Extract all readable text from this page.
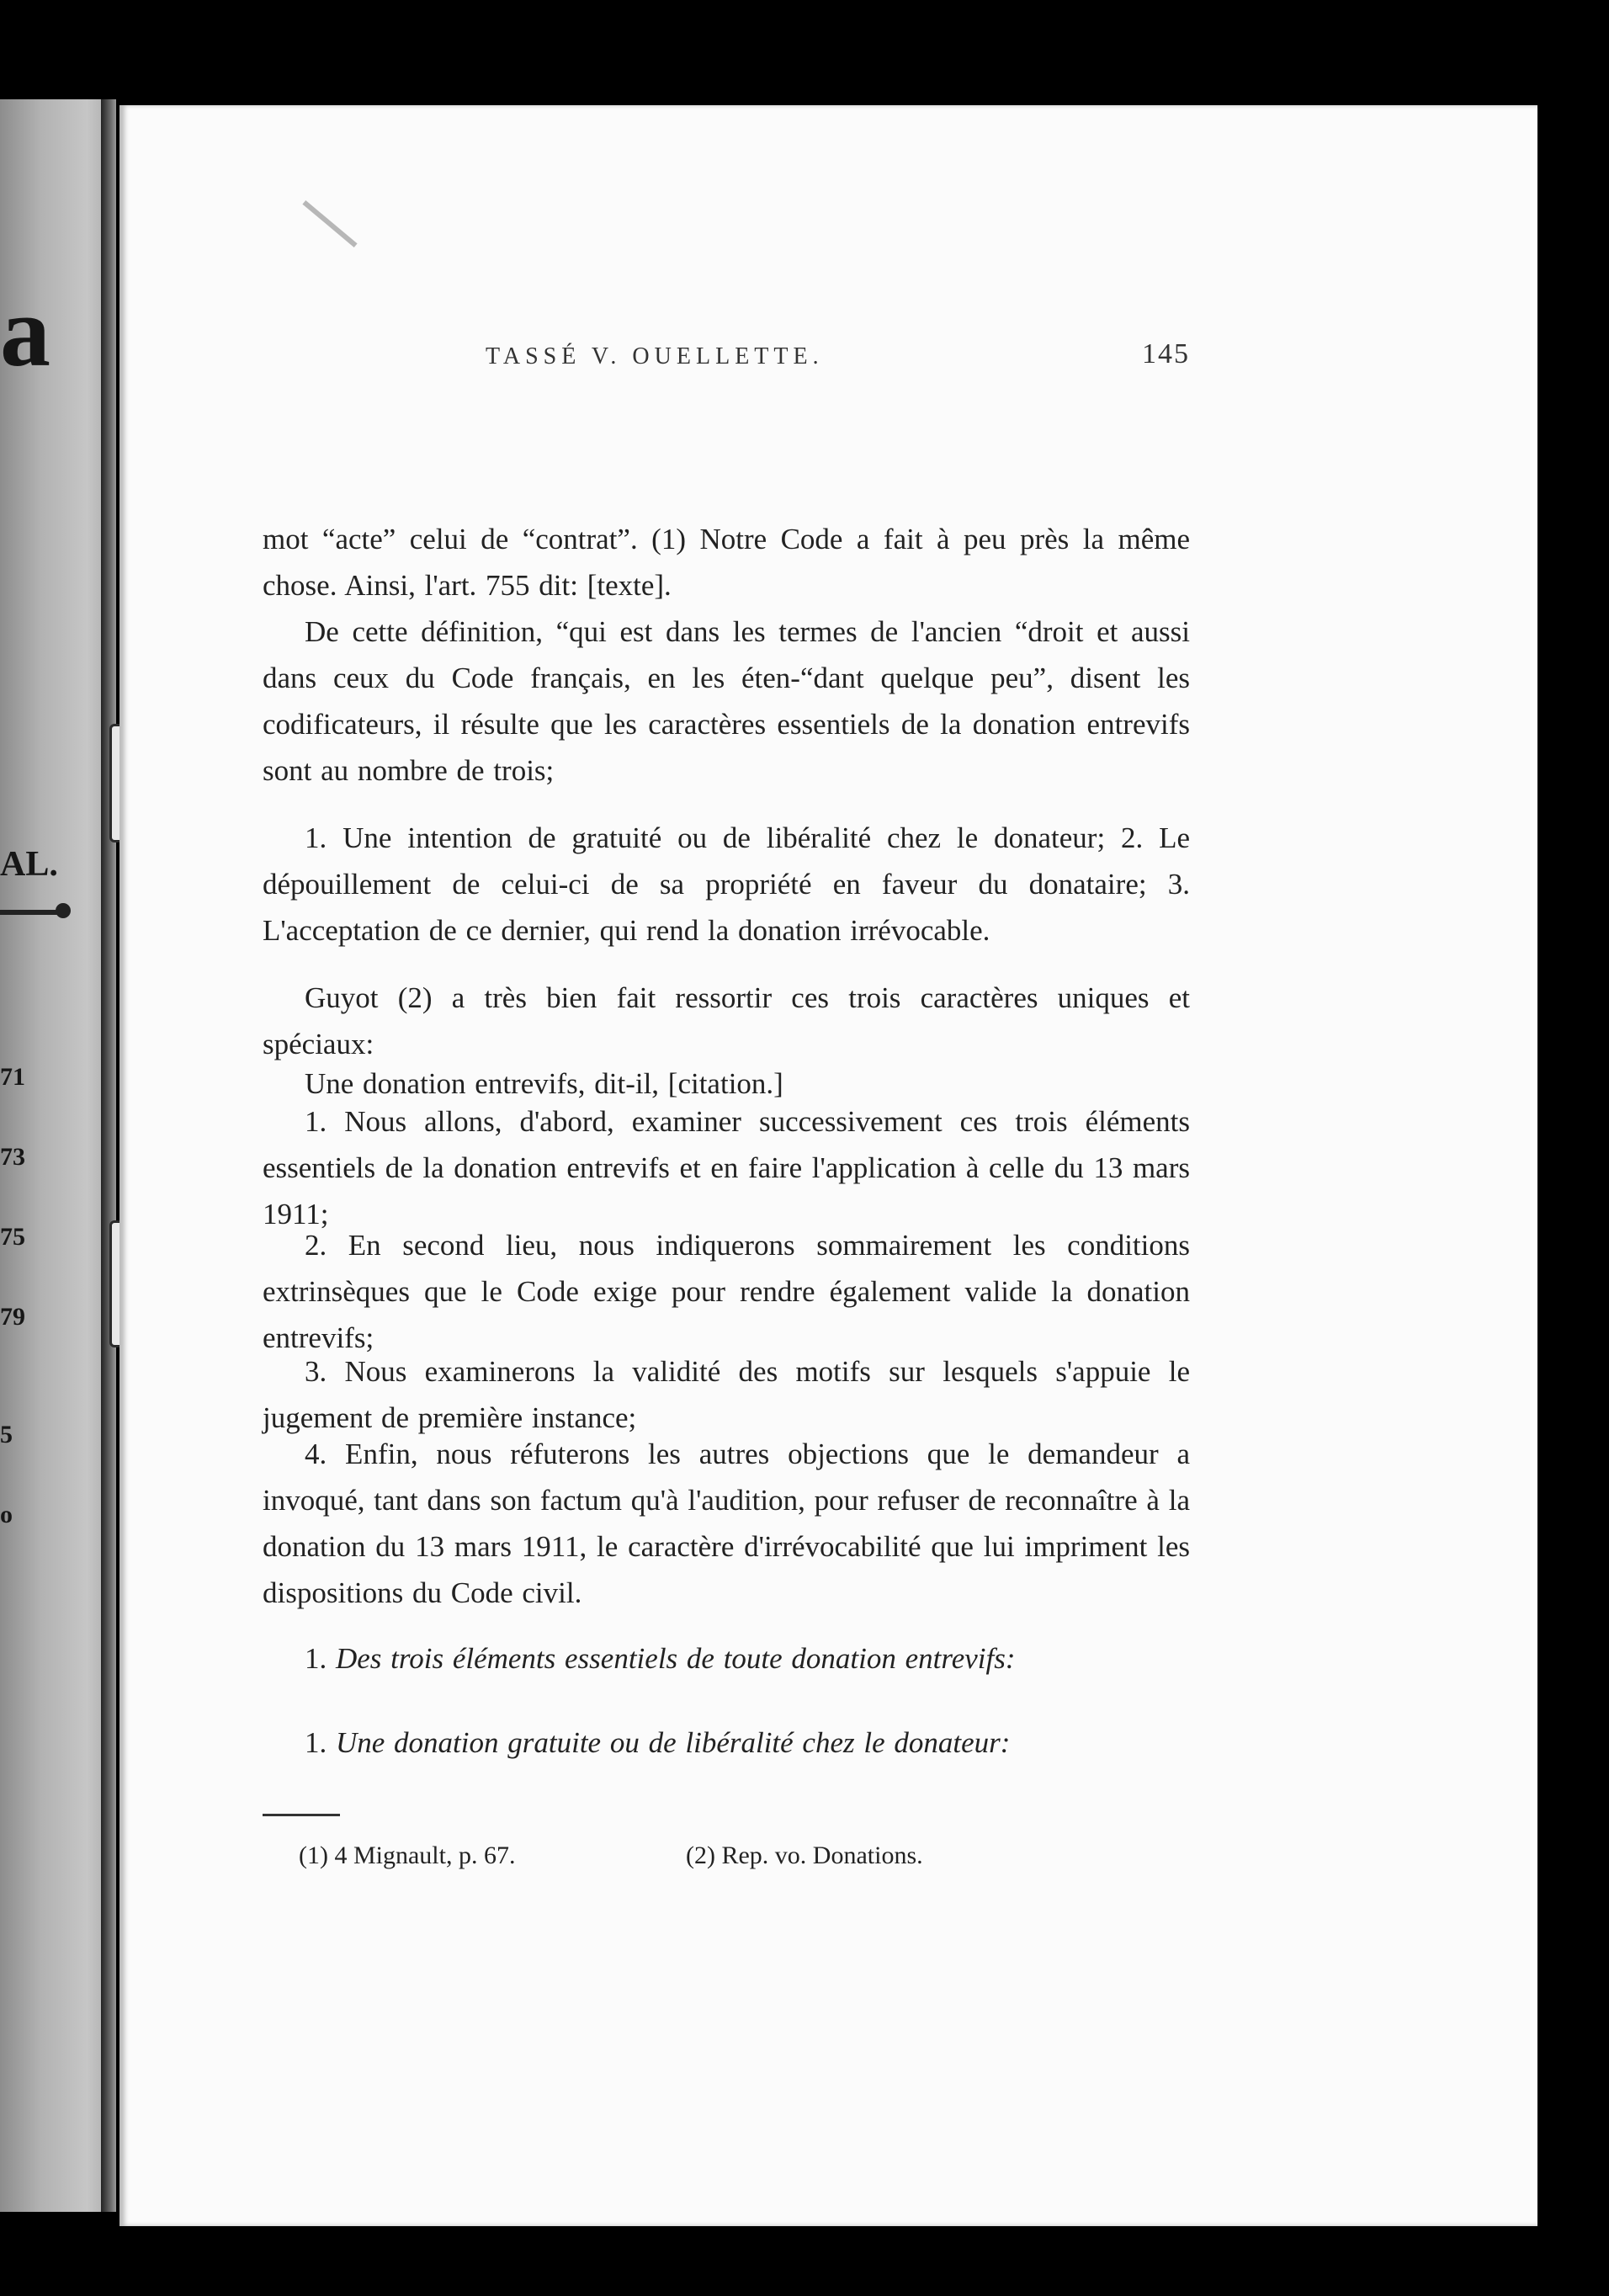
a
AL.
71
73
75
79
5
o
TASSÉ V. OUELLETTE.	145
mot “acte” celui de “contrat”. (1) Notre Code a fait à peu près la même chose. Ainsi, l'art. 755 dit: [texte].
De cette définition, “qui est dans les termes de l'ancien “droit et aussi dans ceux du Code français, en les éten-“dant quelque peu”, disent les codificateurs, il résulte que les caractères essentiels de la donation entrevifs sont au nombre de trois;
1. Une intention de gratuité ou de libéralité chez le donateur; 2. Le dépouillement de celui-ci de sa propriété en faveur du donataire; 3. L'acceptation de ce dernier, qui rend la donation irrévocable.
Guyot (2) a très bien fait ressortir ces trois caractères uniques et spéciaux:
Une donation entrevifs, dit-il, [citation.]
1. Nous allons, d'abord, examiner successivement ces trois éléments essentiels de la donation entrevifs et en faire l'application à celle du 13 mars 1911;
2. En second lieu, nous indiquerons sommairement les conditions extrinsèques que le Code exige pour rendre également valide la donation entrevifs;
3. Nous examinerons la validité des motifs sur lesquels s'appuie le jugement de première instance;
4. Enfin, nous réfuterons les autres objections que le demandeur a invoqué, tant dans son factum qu'à l'audition, pour refuser de reconnaître à la donation du 13 mars 1911, le caractère d'irrévocabilité que lui impriment les dispositions du Code civil.
1. Des trois éléments essentiels de toute donation entrevifs:
1. Une donation gratuite ou de libéralité chez le donateur:
(1) 4 Mignault, p. 67.	(2) Rep. vo. Donations.
